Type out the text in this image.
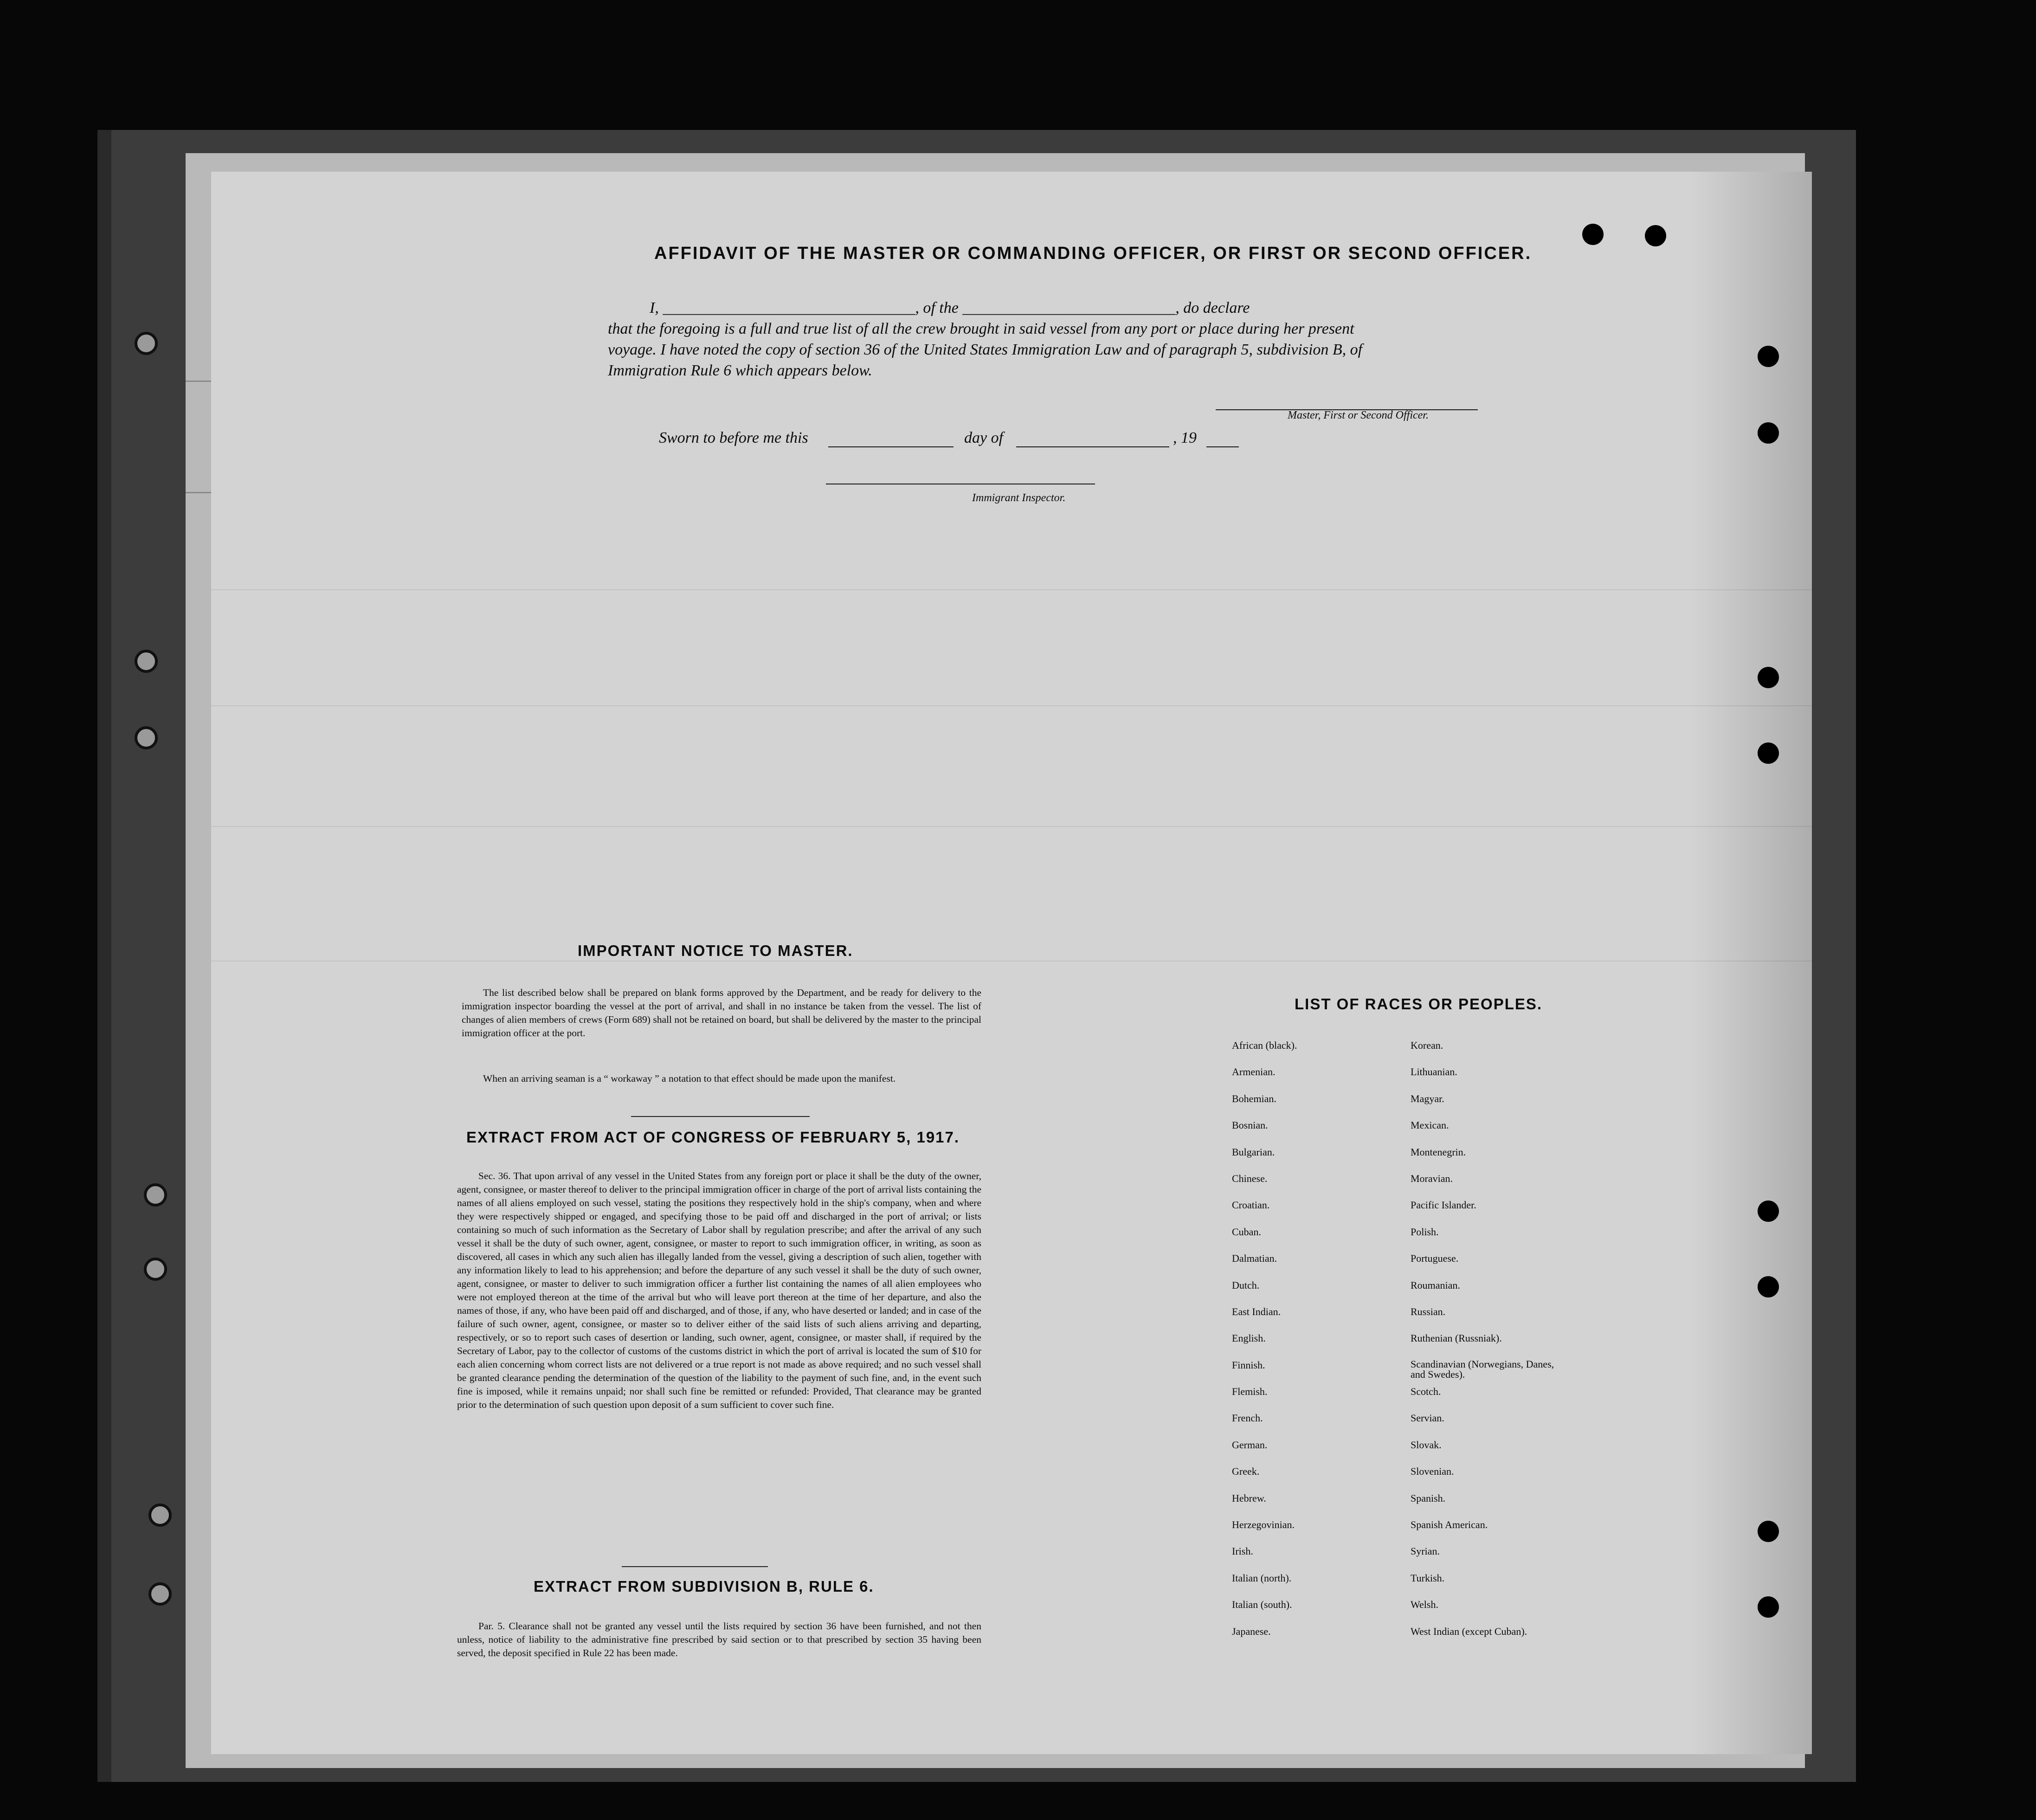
AFFIDAVIT OF THE MASTER OR COMMANDING OFFICER, OR FIRST OR SECOND OFFICER.
I, ________________________________, of the ___________________________, do declare
that the foregoing is a full and true list of all the crew brought in said vessel from any port or place during her present
voyage. I have noted the copy of section 36 of the United States Immigration Law and of paragraph 5, subdivision B, of
Immigration Rule 6 which appears below.
Master, First or Second Officer.
Sworn to before me this	day of	, 19
Immigrant Inspector.
IMPORTANT NOTICE TO MASTER.
The list described below shall be prepared on blank forms approved by the Department, and be ready for delivery to the immigration inspector boarding the vessel at the port of arrival, and shall in no instance be taken from the vessel. The list of changes of alien members of crews (Form 689) shall not be retained on board, but shall be delivered by the master to the principal immigration officer at the port.
When an arriving seaman is a “ workaway ” a notation to that effect should be made upon the manifest.
EXTRACT FROM ACT OF CONGRESS OF FEBRUARY 5, 1917.
Sec. 36. That upon arrival of any vessel in the United States from any foreign port or place it shall be the duty of the owner, agent, consignee, or master thereof to deliver to the principal immigration officer in charge of the port of arrival lists containing the names of all aliens employed on such vessel, stating the positions they respectively hold in the ship's company, when and where they were respectively shipped or engaged, and specifying those to be paid off and discharged in the port of arrival; or lists containing so much of such information as the Secretary of Labor shall by regulation prescribe; and after the arrival of any such vessel it shall be the duty of such owner, agent, consignee, or master to report to such immigration officer, in writing, as soon as discovered, all cases in which any such alien has illegally landed from the vessel, giving a description of such alien, together with any information likely to lead to his apprehension; and before the departure of any such vessel it shall be the duty of such owner, agent, consignee, or master to deliver to such immigration officer a further list containing the names of all alien employees who were not employed thereon at the time of the arrival but who will leave port thereon at the time of her departure, and also the names of those, if any, who have been paid off and discharged, and of those, if any, who have deserted or landed; and in case of the failure of such owner, agent, consignee, or master so to deliver either of the said lists of such aliens arriving and departing, respectively, or so to report such cases of desertion or landing, such owner, agent, consignee, or master shall, if required by the Secretary of Labor, pay to the collector of customs of the customs district in which the port of arrival is located the sum of $10 for each alien concerning whom correct lists are not delivered or a true report is not made as above required; and no such vessel shall be granted clearance pending the determination of the question of the liability to the payment of such fine, and, in the event such fine is imposed, while it remains unpaid; nor shall such fine be remitted or refunded: Provided, That clearance may be granted prior to the determination of such question upon deposit of a sum sufficient to cover such fine.
EXTRACT FROM SUBDIVISION B, RULE 6.
Par. 5. Clearance shall not be granted any vessel until the lists required by section 36 have been furnished, and not then unless, notice of liability to the administrative fine prescribed by said section or to that prescribed by section 35 having been served, the deposit specified in Rule 22 has been made.
LIST OF RACES OR PEOPLES.
African (black).
Armenian.
Bohemian.
Bosnian.
Bulgarian.
Chinese.
Croatian.
Cuban.
Dalmatian.
Dutch.
East Indian.
English.
Finnish.
Flemish.
French.
German.
Greek.
Hebrew.
Herzegovinian.
Irish.
Italian (north).
Italian (south).
Japanese.
Korean.
Lithuanian.
Magyar.
Mexican.
Montenegrin.
Moravian.
Pacific Islander.
Polish.
Portuguese.
Roumanian.
Russian.
Ruthenian (Russniak).
Scandinavian (Norwegians, Danes, and Swedes).
Scotch.
Servian.
Slovak.
Slovenian.
Spanish.
Spanish American.
Syrian.
Turkish.
Welsh.
West Indian (except Cuban).
